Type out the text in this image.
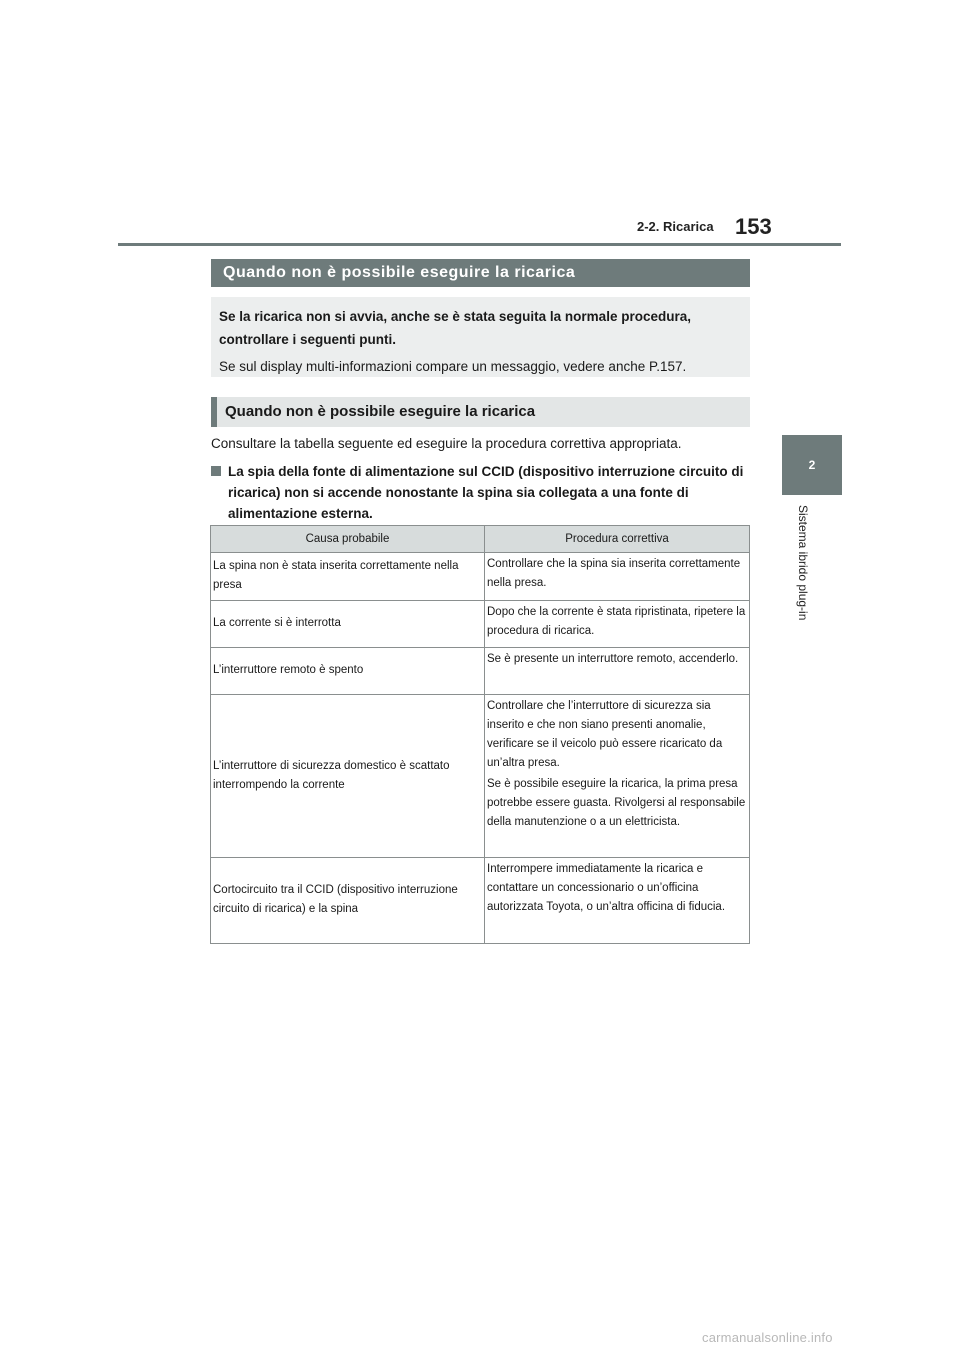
2-2. Ricarica 153
2
Sistema ibrido plug-in
Quando non è possibile eseguire la ricarica

Se la ricarica non si avvia, anche se è stata seguita la normale procedura, controllare i seguenti punti.

Se sul display multi-informazioni compare un messaggio, vedere anche P.157.

Quando non è possibile eseguire la ricarica
Consultare la tabella seguente ed eseguire la procedura correttiva appropriata.
La spia della fonte di alimentazione sul CCID (dispositivo interruzione circuito di ricarica) non si accende nonostante la spina sia collegata a una fonte di alimentazione esterna.
Causa probabile	Procedura correttiva
La spina non è stata inserita correttamente nella presa	Controllare che la spina sia inserita correttamente nella presa.

La corrente si è interrotta	Dopo che la corrente è stata ripristinata, ripetere la procedura di ricarica.

L’interruttore remoto è spento	Se è presente un interruttore remoto, accenderlo.

L’interruttore di sicurezza domestico è scattato interrompendo la corrente	Controllare che l’interruttore di sicurezza sia inserito e che non siano presenti anomalie, verificare se il veicolo può essere ricaricato da un’altra presa.
Se è possibile eseguire la ricarica, la prima presa potrebbe essere guasta. Rivolgersi al responsabile della manutenzione o a un elettricista.

Cortocircuito tra il CCID (dispositivo interruzione circuito di ricarica) e la spina	Interrompere immediatamente la ricarica e contattare un concessionario o un’officina autorizzata Toyota, o un’altra officina di fiducia.
carmanualsonline.info
